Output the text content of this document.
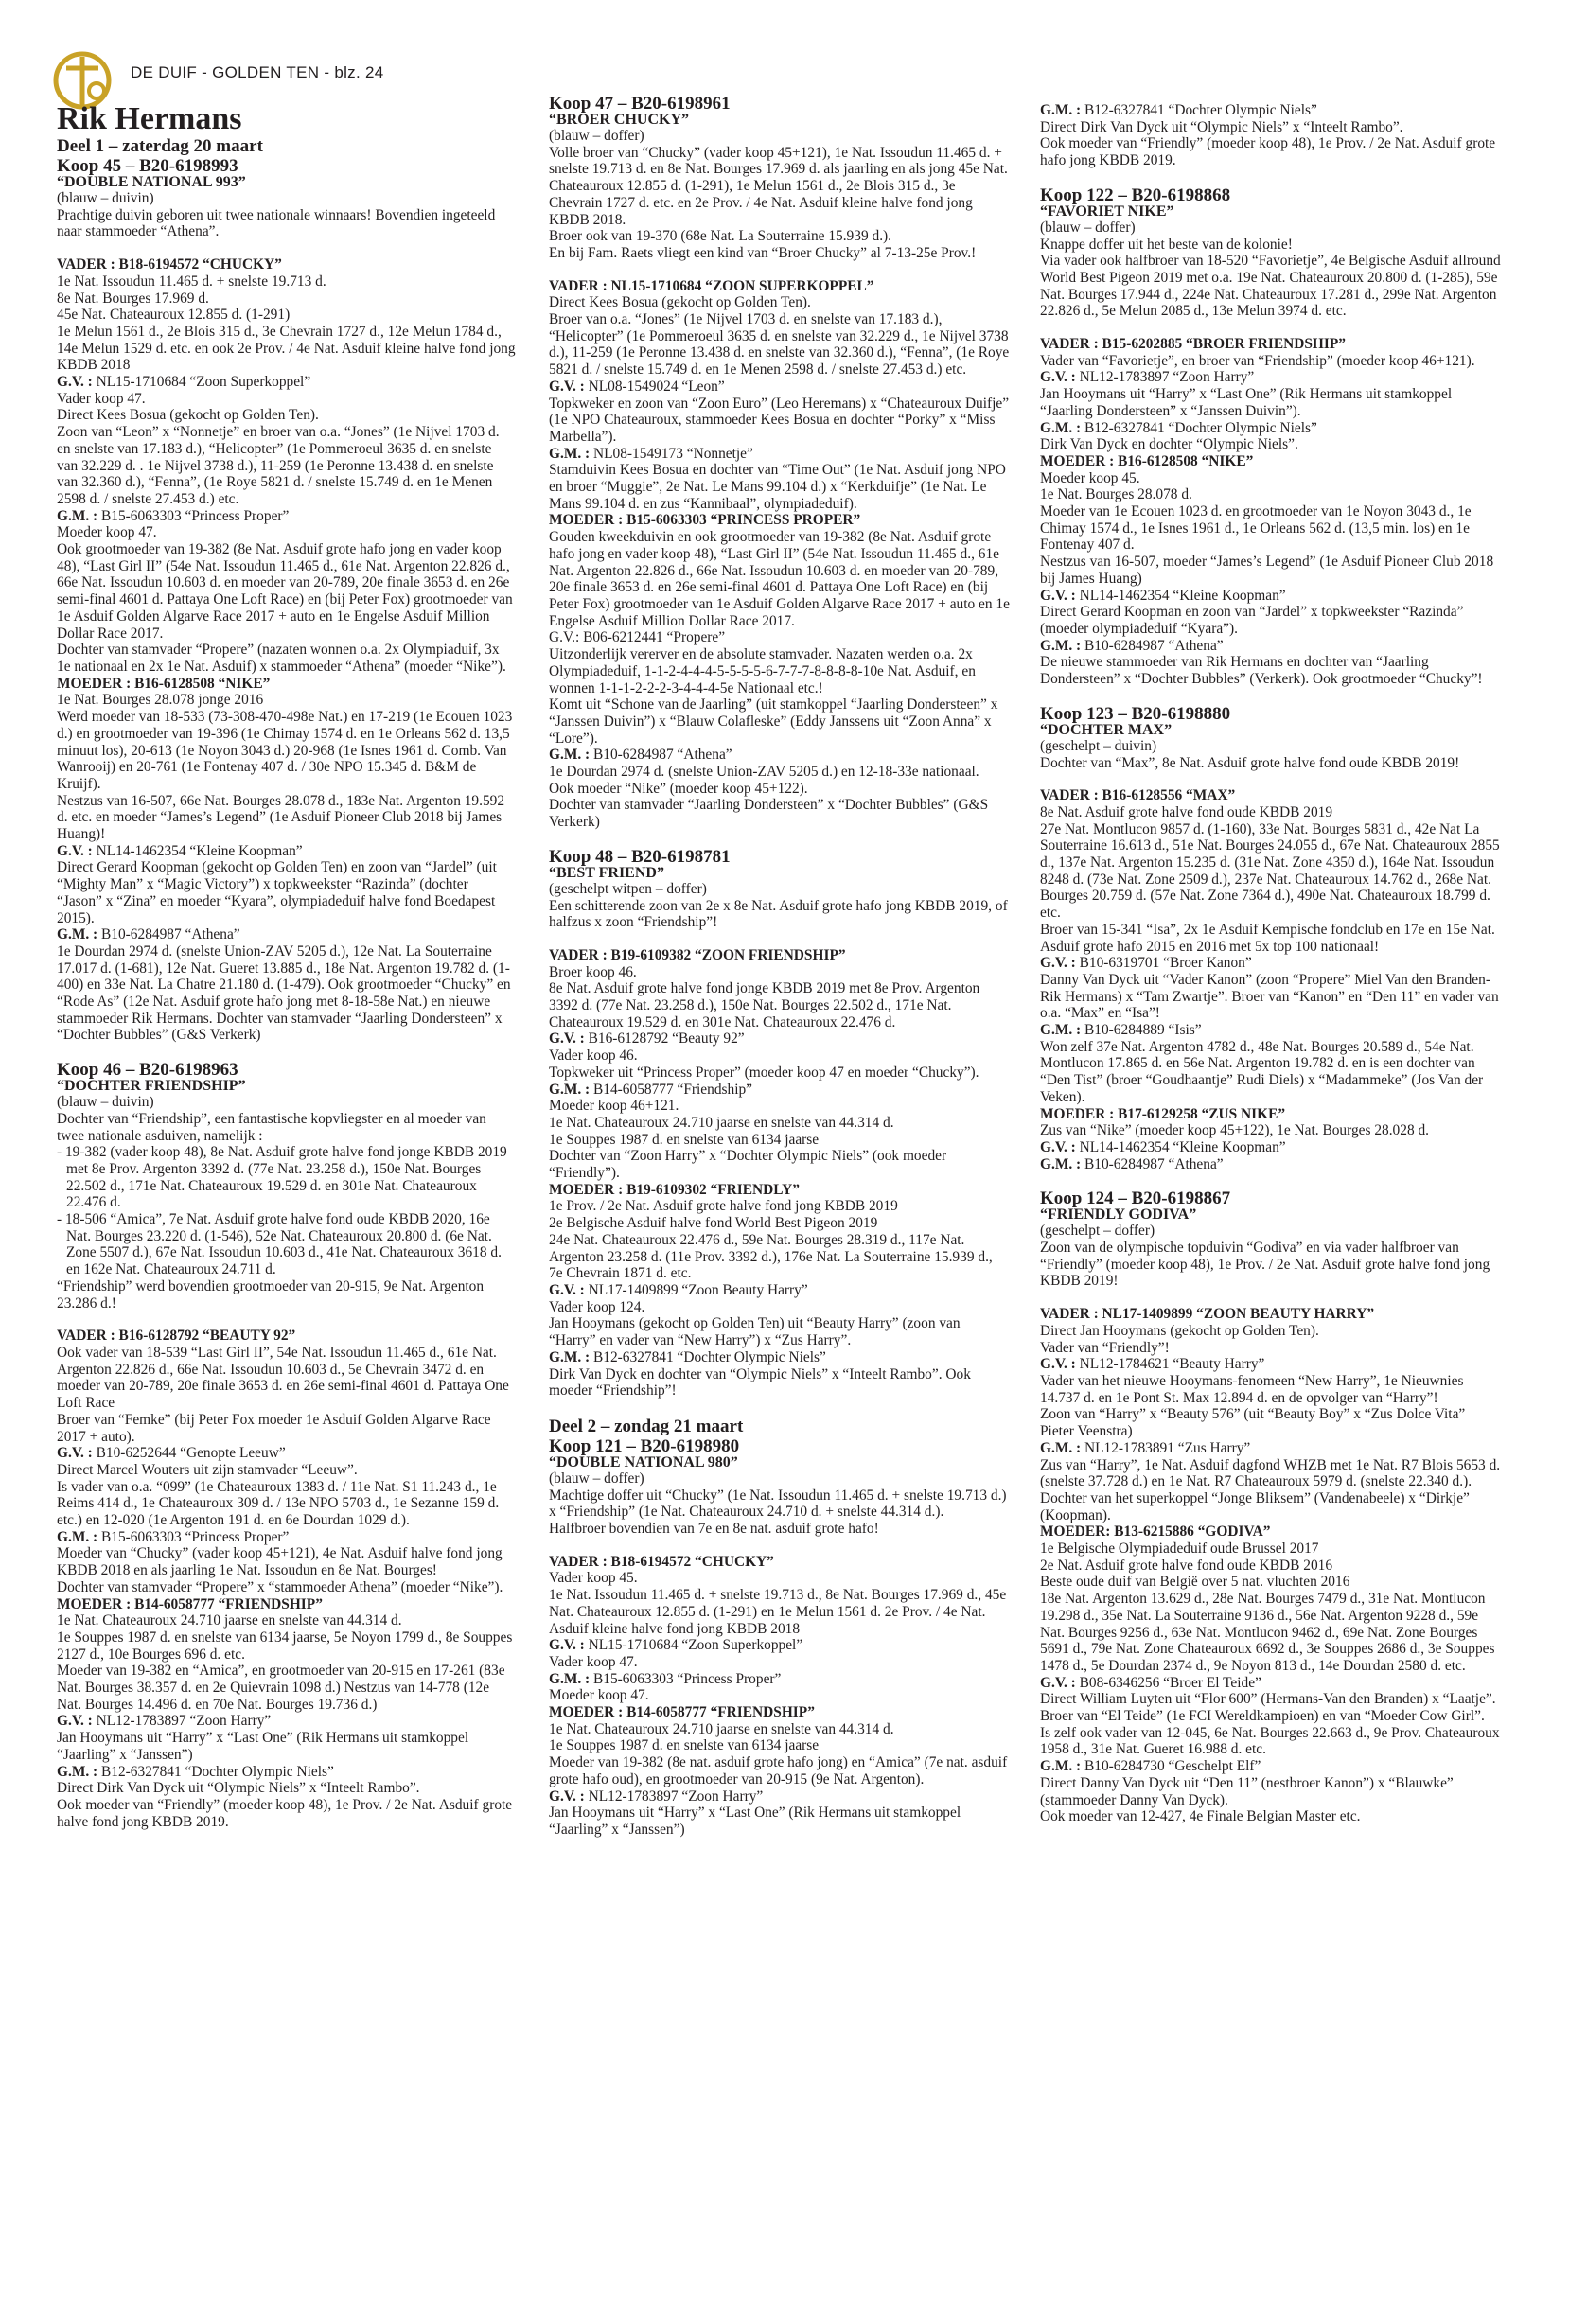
DE DUIF - GOLDEN TEN - blz. 24

Rik Hermans

Deel 1 – zaterdag 20 maart

Koop 45 – B20-6198993

“DOUBLE NATIONAL 993”

(blauw – duivin)

Prachtige duivin geboren uit twee nationale winnaars! Bovendien ingeteeld naar stammoeder “Athena”.

VADER : B18-6194572 “CHUCKY”

1e Nat. Issoudun 11.465 d. + snelste 19.713 d.

8e Nat. Bourges 17.969 d.

45e Nat. Chateauroux 12.855 d. (1-291)

1e Melun 1561 d., 2e Blois 315 d., 3e Chevrain 1727 d., 12e Melun 1784 d., 14e Melun 1529 d. etc. en ook 2e Prov. / 4e Nat. Asduif kleine halve fond jong KBDB 2018

G.V. : NL15-1710684 “Zoon Superkoppel”

Vader koop 47.

Direct Kees Bosua (gekocht op Golden Ten).

Zoon van “Leon” x “Nonnetje” en broer van o.a. “Jones” (1e Nijvel 1703 d. en snelste van 17.183 d.), “Helicopter” (1e Pommeroeul 3635 d. en snelste van 32.229 d. . 1e Nijvel 3738 d.), 11-259 (1e Peronne 13.438 d. en snelste van 32.360 d.), “Fenna”, (1e Roye 5821 d. / snelste 15.749 d. en 1e Menen 2598 d. / snelste 27.453 d.) etc.

G.M. : B15-6063303 “Princess Proper”

Moeder koop 47.

Ook grootmoeder van 19-382 (8e Nat. Asduif grote hafo jong en vader koop 48), “Last Girl II” (54e Nat. Issoudun 11.465 d., 61e Nat. Argenton 22.826 d., 66e Nat. Issoudun 10.603 d. en moeder van 20-789, 20e finale 3653 d. en 26e semi-final 4601 d. Pattaya One Loft Race) en (bij Peter Fox) grootmoeder van 1e Asduif Golden Algarve Race 2017 + auto en 1e Engelse Asduif Million Dollar Race 2017.

Dochter van stamvader “Propere” (nazaten wonnen o.a. 2x Olympiaduif, 3x 1e nationaal en 2x 1e Nat. Asduif) x stammoeder “Athena” (moeder “Nike”).

MOEDER : B16-6128508 “NIKE”

1e Nat. Bourges 28.078 jonge 2016

Werd moeder van 18-533 (73-308-470-498e Nat.) en 17-219 (1e Ecouen 1023 d.) en grootmoeder van 19-396 (1e Chimay 1574 d. en 1e Orleans 562 d. 13,5 minuut los), 20-613 (1e Noyon 3043 d.) 20-968 (1e Isnes 1961 d. Comb. Van Wanrooij) en 20-761 (1e Fontenay 407 d. / 30e NPO 15.345 d. B&M de Kruijf).

Nestzus van 16-507, 66e Nat. Bourges 28.078 d., 183e Nat. Argenton 19.592 d. etc. en moeder “James’s Legend” (1e Asduif Pioneer Club 2018 bij James Huang)!

G.V. : NL14-1462354 “Kleine Koopman”

Direct Gerard Koopman (gekocht op Golden Ten) en zoon van “Jardel” (uit “Mighty Man” x “Magic Victory”) x topkweekster “Razinda” (dochter “Jason” x “Zina” en moeder “Kyara”, olympiadeduif halve fond Boedapest 2015).

G.M. : B10-6284987 “Athena”

1e Dourdan 2974 d. (snelste Union-ZAV 5205 d.), 12e Nat. La Souterraine 17.017 d. (1-681), 12e Nat. Gueret 13.885 d., 18e Nat. Argenton 19.782 d. (1-400) en 33e Nat. La Chatre 21.180 d. (1-479). Ook grootmoeder “Chucky” en “Rode As” (12e Nat. Asduif grote hafo jong met 8-18-58e Nat.) en nieuwe stammoeder Rik Hermans. Dochter van stamvader “Jaarling Dondersteen” x “Dochter Bubbles” (G&S Verkerk)

Koop 46 – B20-6198963

“DOCHTER FRIENDSHIP”

(blauw – duivin)

Dochter van “Friendship”, een fantastische kopvliegster en al moeder van twee nationale asduiven, namelijk :

- 19-382 (vader koop 48), 8e Nat. Asduif grote halve fond jonge KBDB 2019 met 8e Prov. Argenton 3392 d. (77e Nat. 23.258 d.), 150e Nat. Bourges 22.502 d., 171e Nat. Chateauroux 19.529 d. en 301e Nat. Chateauroux 22.476 d.

- 18-506 “Amica”, 7e Nat. Asduif grote halve fond oude KBDB 2020, 16e Nat. Bourges 23.220 d. (1-546), 52e Nat. Chateauroux 20.800 d. (6e Nat. Zone 5507 d.), 67e Nat. Issoudun 10.603 d., 41e Nat. Chateauroux 3618 d. en 162e Nat. Chateauroux 24.711 d.

“Friendship” werd bovendien grootmoeder van 20-915, 9e Nat. Argenton 23.286 d.!

VADER : B16-6128792 “BEAUTY 92”

Ook vader van 18-539 “Last Girl II”, 54e Nat. Issoudun 11.465 d., 61e Nat. Argenton 22.826 d., 66e Nat. Issoudun 10.603 d., 5e Chevrain 3472 d. en moeder van 20-789, 20e finale 3653 d. en 26e semi-final 4601 d. Pattaya One Loft Race

Broer van “Femke” (bij Peter Fox moeder 1e Asduif Golden Algarve Race 2017 + auto).

G.V. : B10-6252644 “Genopte Leeuw”

Direct Marcel Wouters uit zijn stamvader “Leeuw”.

Is vader van o.a. “099” (1e Chateauroux 1383 d. / 11e Nat. S1 11.243 d., 1e Reims 414 d., 1e Chateauroux 309 d. / 13e NPO 5703 d., 1e Sezanne 159 d. etc.) en 12-020 (1e Argenton 191 d. en 6e Dourdan 1029 d.).

G.M. : B15-6063303 “Princess Proper”

Moeder van “Chucky” (vader koop 45+121), 4e Nat. Asduif halve fond jong KBDB 2018 en als jaarling 1e Nat. Issoudun en 8e Nat. Bourges!

Dochter van stamvader “Propere” x “stammoeder Athena” (moeder “Nike”).

MOEDER : B14-6058777 “FRIENDSHIP”

1e Nat. Chateauroux 24.710 jaarse en snelste van 44.314 d.

1e Souppes 1987 d. en snelste van 6134 jaarse, 5e Noyon 1799 d., 8e Souppes 2127 d., 10e Bourges 696 d. etc.

Moeder van 19-382 en “Amica”, en grootmoeder van 20-915 en 17-261 (83e Nat. Bourges 38.357 d. en 2e Quievrain 1098 d.) Nestzus van 14-778 (12e Nat. Bourges 14.496 d. en 70e Nat. Bourges 19.736 d.)

G.V. : NL12-1783897 “Zoon Harry”

Jan Hooymans uit “Harry” x “Last One” (Rik Hermans uit stamkoppel “Jaarling” x “Janssen”)

G.M. : B12-6327841 “Dochter Olympic Niels”

Direct Dirk Van Dyck uit “Olympic Niels” x “Inteelt Rambo”.

Ook moeder van “Friendly” (moeder koop 48), 1e Prov. / 2e Nat. Asduif grote halve fond jong KBDB 2019.

Koop 47 – B20-6198961

“BROER CHUCKY”

(blauw – doffer)

Volle broer van “Chucky” (vader koop 45+121), 1e Nat. Issoudun 11.465 d. + snelste 19.713 d. en 8e Nat. Bourges 17.969 d. als jaarling en als jong 45e Nat. Chateauroux 12.855 d. (1-291), 1e Melun 1561 d., 2e Blois 315 d., 3e Chevrain 1727 d. etc. en 2e Prov. / 4e Nat. Asduif kleine halve fond jong KBDB 2018.

Broer ook van 19-370 (68e Nat. La Souterraine 15.939 d.).

En bij Fam. Raets vliegt een kind van “Broer Chucky” al 7-13-25e Prov.!

VADER : NL15-1710684 “ZOON SUPERKOPPEL”

Direct Kees Bosua (gekocht op Golden Ten).

Broer van o.a. “Jones” (1e Nijvel 1703 d. en snelste van 17.183 d.), “Helicopter” (1e Pommeroeul 3635 d. en snelste van 32.229 d., 1e Nijvel 3738 d.), 11-259 (1e Peronne 13.438 d. en snelste van 32.360 d.), “Fenna”, (1e Roye 5821 d. / snelste 15.749 d. en 1e Menen 2598 d. / snelste 27.453 d.) etc.

G.V. : NL08-1549024 “Leon”

Topkweker en zoon van “Zoon Euro” (Leo Heremans) x “Chateauroux Duifje” (1e NPO Chateauroux, stammoeder Kees Bosua en dochter “Porky” x “Miss Marbella”).

G.M. : NL08-1549173 “Nonnetje”

Stamduivin Kees Bosua en dochter van “Time Out” (1e Nat. Asduif jong NPO en broer “Muggie”, 2e Nat. Le Mans 99.104 d.) x “Kerkduifje” (1e Nat. Le Mans 99.104 d. en zus “Kannibaal”, olympiadeduif).

MOEDER : B15-6063303 “PRINCESS PROPER”

Gouden kweekduivin en ook grootmoeder van 19-382 (8e Nat. Asduif grote hafo jong en vader koop 48), “Last Girl II” (54e Nat. Issoudun 11.465 d., 61e Nat. Argenton 22.826 d., 66e Nat. Issoudun 10.603 d. en moeder van 20-789, 20e finale 3653 d. en 26e semi-final 4601 d. Pattaya One Loft Race) en (bij Peter Fox) grootmoeder van 1e Asduif Golden Algarve Race 2017 + auto en 1e Engelse Asduif Million Dollar Race 2017.

G.V.: B06-6212441 “Propere”

Uitzonderlijk vererver en de absolute stamvader. Nazaten werden o.a. 2x Olympiadeduif, 1-1-2-4-4-4-5-5-5-5-6-7-7-7-8-8-8-8-10e Nat. Asduif, en wonnen 1-1-1-2-2-2-3-4-4-4-5e Nationaal etc.!

Komt uit “Schone van de Jaarling” (uit stamkoppel “Jaarling Dondersteen” x “Janssen Duivin”) x “Blauw Colafleske” (Eddy Janssens uit “Zoon Anna” x “Lore”).

G.M. : B10-6284987 “Athena”

1e Dourdan 2974 d. (snelste Union-ZAV 5205 d.) en 12-18-33e nationaal.

Ook moeder “Nike” (moeder koop 45+122).

Dochter van stamvader “Jaarling Dondersteen” x “Dochter Bubbles” (G&S Verkerk)

Koop 48 – B20-6198781

“BEST FRIEND”

(geschelpt witpen – doffer)

Een schitterende zoon van 2e x 8e Nat. Asduif grote hafo jong KBDB 2019, of halfzus x zoon “Friendship”!

VADER : B19-6109382 “ZOON FRIENDSHIP”

Broer koop 46.

8e Nat. Asduif grote halve fond jonge KBDB 2019 met 8e Prov. Argenton 3392 d. (77e Nat. 23.258 d.), 150e Nat. Bourges 22.502 d., 171e Nat. Chateauroux 19.529 d. en 301e Nat. Chateauroux 22.476 d.

G.V. : B16-6128792 “Beauty 92”

Vader koop 46.

Topkweker uit “Princess Proper” (moeder koop 47 en moeder “Chucky”).

G.M. : B14-6058777 “Friendship”

Moeder koop 46+121.

1e Nat. Chateauroux 24.710 jaarse en snelste van 44.314 d.

1e Souppes 1987 d. en snelste van 6134 jaarse

Dochter van “Zoon Harry” x “Dochter Olympic Niels” (ook moeder “Friendly”).

MOEDER : B19-6109302 “FRIENDLY”

1e Prov. / 2e Nat. Asduif grote halve fond jong KBDB 2019

2e Belgische Asduif halve fond World Best Pigeon 2019

24e Nat. Chateauroux 22.476 d., 59e Nat. Bourges 28.319 d., 117e Nat. Argenton 23.258 d. (11e Prov. 3392 d.), 176e Nat. La Souterraine 15.939 d., 7e Chevrain 1871 d. etc.

G.V. : NL17-1409899 “Zoon Beauty Harry”

Vader koop 124.

Jan Hooymans (gekocht op Golden Ten) uit “Beauty Harry” (zoon van “Harry” en vader van “New Harry”) x “Zus Harry”.

G.M. : B12-6327841 “Dochter Olympic Niels”

Dirk Van Dyck en dochter van “Olympic Niels” x “Inteelt Rambo”. Ook moeder “Friendship”!

Deel 2 – zondag 21 maart

Koop 121 – B20-6198980

“DOUBLE NATIONAL 980”

(blauw – doffer)

Machtige doffer uit “Chucky” (1e Nat. Issoudun 11.465 d. + snelste 19.713 d.) x “Friendship” (1e Nat. Chateauroux 24.710 d. + snelste 44.314 d.).

Halfbroer bovendien van 7e en 8e nat. asduif grote hafo!

VADER : B18-6194572 “CHUCKY”

Vader koop 45.

1e Nat. Issoudun 11.465 d. + snelste 19.713 d., 8e Nat. Bourges 17.969 d., 45e Nat. Chateauroux 12.855 d. (1-291) en 1e Melun 1561 d. 2e Prov. / 4e Nat. Asduif kleine halve fond jong KBDB 2018

G.V. : NL15-1710684 “Zoon Superkoppel”

Vader koop 47.

G.M. : B15-6063303 “Princess Proper”

Moeder koop 47.

MOEDER : B14-6058777 “FRIENDSHIP”

1e Nat. Chateauroux 24.710 jaarse en snelste van 44.314 d.

1e Souppes 1987 d. en snelste van 6134 jaarse

Moeder van 19-382 (8e nat. asduif grote hafo jong) en “Amica” (7e nat. asduif grote hafo oud), en grootmoeder van 20-915 (9e Nat. Argenton).

G.V. : NL12-1783897 “Zoon Harry”

Jan Hooymans uit “Harry” x “Last One” (Rik Hermans uit stamkoppel “Jaarling” x “Janssen”)

G.M. : B12-6327841 “Dochter Olympic Niels”

Direct Dirk Van Dyck uit “Olympic Niels” x “Inteelt Rambo”.

Ook moeder van “Friendly” (moeder koop 48), 1e Prov. / 2e Nat. Asduif grote hafo jong KBDB 2019.

Koop 122 – B20-6198868

“FAVORIET NIKE”

(blauw – doffer)

Knappe doffer uit het beste van de kolonie!

Via vader ook halfbroer van 18-520 “Favorietje”, 4e Belgische Asduif allround World Best Pigeon 2019 met o.a. 19e Nat. Chateauroux 20.800 d. (1-285), 59e Nat. Bourges 17.944 d., 224e Nat. Chateauroux 17.281 d., 299e Nat. Argenton 22.826 d., 5e Melun 2085 d., 13e Melun 3974 d. etc.

VADER : B15-6202885 “BROER FRIENDSHIP”

Vader van “Favorietje”, en broer van “Friendship” (moeder koop 46+121).

G.V. : NL12-1783897 “Zoon Harry”

Jan Hooymans uit “Harry” x “Last One” (Rik Hermans uit stamkoppel “Jaarling Dondersteen” x “Janssen Duivin”).

G.M. : B12-6327841 “Dochter Olympic Niels”

Dirk Van Dyck en dochter “Olympic Niels”.

MOEDER : B16-6128508 “NIKE”

Moeder koop 45.

1e Nat. Bourges 28.078 d.

Moeder van 1e Ecouen 1023 d. en grootmoeder van 1e Noyon 3043 d., 1e Chimay 1574 d., 1e Isnes 1961 d., 1e Orleans 562 d. (13,5 min. los) en 1e Fontenay 407 d.

Nestzus van 16-507, moeder “James’s Legend” (1e Asduif Pioneer Club 2018 bij James Huang)

G.V. : NL14-1462354 “Kleine Koopman”

Direct Gerard Koopman en zoon van “Jardel” x topkweekster “Razinda” (moeder olympiadeduif “Kyara”).

G.M. : B10-6284987 “Athena”

De nieuwe stammoeder van Rik Hermans en dochter van “Jaarling Dondersteen” x “Dochter Bubbles” (Verkerk). Ook grootmoeder “Chucky”!

Koop 123 – B20-6198880

“DOCHTER MAX”

(geschelpt – duivin)

Dochter van “Max”, 8e Nat. Asduif grote halve fond oude KBDB 2019!

VADER : B16-6128556 “MAX”

8e Nat. Asduif grote halve fond oude KBDB 2019

27e Nat. Montlucon 9857 d. (1-160), 33e Nat. Bourges 5831 d., 42e Nat La Souterraine 16.613 d., 51e Nat. Bourges 24.055 d., 67e Nat. Chateauroux 2855 d., 137e Nat. Argenton 15.235 d. (31e Nat. Zone 4350 d.), 164e Nat. Issoudun 8248 d. (73e Nat. Zone 2509 d.), 237e Nat. Chateauroux 14.762 d., 268e Nat. Bourges 20.759 d. (57e Nat. Zone 7364 d.), 490e Nat. Chateauroux 18.799 d. etc.

Broer van 15-341 “Isa”, 2x 1e Asduif Kempische fondclub en 17e en 15e Nat. Asduif grote hafo 2015 en 2016 met 5x top 100 nationaal!

G.V. : B10-6319701 “Broer Kanon”

Danny Van Dyck uit “Vader Kanon” (zoon “Propere” Miel Van den Branden-Rik Hermans) x “Tam Zwartje”. Broer van “Kanon” en “Den 11” en vader van o.a. “Max” en “Isa”!

G.M. : B10-6284889 “Isis”

Won zelf 37e Nat. Argenton 4782 d., 48e Nat. Bourges 20.589 d., 54e Nat. Montlucon 17.865 d. en 56e Nat. Argenton 19.782 d. en is een dochter van “Den Tist” (broer “Goudhaantje” Rudi Diels) x “Madammeke” (Jos Van der Veken).

MOEDER : B17-6129258 “ZUS NIKE”

Zus van “Nike” (moeder koop 45+122), 1e Nat. Bourges 28.028 d.

G.V. : NL14-1462354 “Kleine Koopman”

G.M. : B10-6284987 “Athena”

Koop 124 – B20-6198867

“FRIENDLY GODIVA”

(geschelpt – doffer)

Zoon van de olympische topduivin “Godiva” en via vader halfbroer van “Friendly” (moeder koop 48), 1e Prov. / 2e Nat. Asduif grote halve fond jong KBDB 2019!

VADER : NL17-1409899 “ZOON BEAUTY HARRY”

Direct Jan Hooymans (gekocht op Golden Ten).

Vader van “Friendly”!

G.V. : NL12-1784621 “Beauty Harry”

Vader van het nieuwe Hooymans-fenomeen “New Harry”, 1e Nieuwnies 14.737 d. en 1e Pont St. Max 12.894 d. en de opvolger van “Harry”!

Zoon van “Harry” x “Beauty 576” (uit “Beauty Boy” x “Zus Dolce Vita” Pieter Veenstra)

G.M. : NL12-1783891 “Zus Harry”

Zus van “Harry”, 1e Nat. Asduif dagfond WHZB met 1e Nat. R7 Blois 5653 d. (snelste 37.728 d.) en 1e Nat. R7 Chateauroux 5979 d. (snelste 22.340 d.).

Dochter van het superkoppel “Jonge Bliksem” (Vandenabeele) x “Dirkje” (Koopman).

MOEDER: B13-6215886 “GODIVA”

1e Belgische Olympiadeduif oude Brussel 2017

2e Nat. Asduif grote halve fond oude KBDB 2016

Beste oude duif van België over 5 nat. vluchten 2016

18e Nat. Argenton 13.629 d., 28e Nat. Bourges 7479 d., 31e Nat. Montlucon 19.298 d., 35e Nat. La Souterraine 9136 d., 56e Nat. Argenton 9228 d., 59e Nat. Bourges 9256 d., 63e Nat. Montlucon 9462 d., 69e Nat. Zone Bourges 5691 d., 79e Nat. Zone Chateauroux 6692 d., 3e Souppes 2686 d., 3e Souppes 1478 d., 5e Dourdan 2374 d., 9e Noyon 813 d., 14e Dourdan 2580 d. etc.

G.V. : B08-6346256 “Broer El Teide”

Direct William Luyten uit “Flor 600” (Hermans-Van den Branden) x “Laatje”.

Broer van “El Teide” (1e FCI Wereldkampioen) en van “Moeder Cow Girl”.

Is zelf ook vader van 12-045, 6e Nat. Bourges 22.663 d., 9e Prov. Chateauroux 1958 d., 31e Nat. Gueret 16.988 d. etc.

G.M. : B10-6284730 “Geschelpt Elf”

Direct Danny Van Dyck uit “Den 11” (nestbroer Kanon”) x “Blauwke” (stammoeder Danny Van Dyck).

Ook moeder van 12-427, 4e Finale Belgian Master etc.
